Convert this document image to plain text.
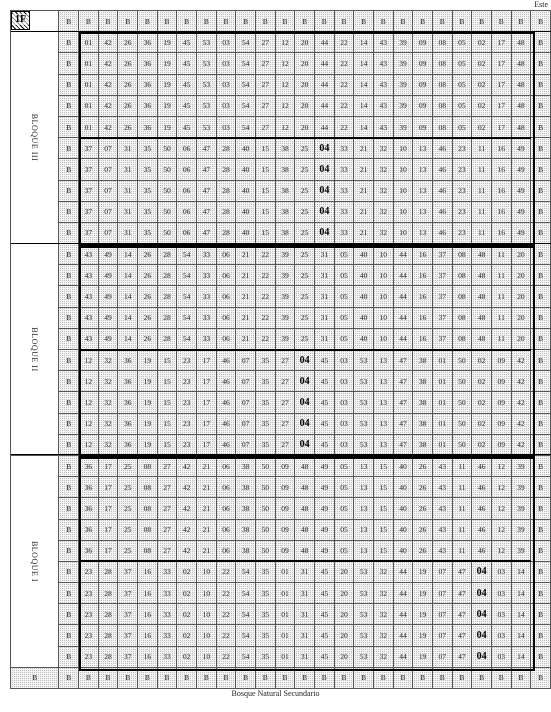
Este
	B	B	B	B	B	B	B	B	B	B	B	B	B	B	B	B	B	B	B	B	B	B	B	B	B

BLOQUE III	B	01	42	26	36	19	45	53	03	54	27	12	20	44	22	14	43	39	09	08	05	02	17	48	B
	B	01	42	26	36	19	45	53	03	54	27	12	20	44	22	14	43	39	09	08	05	02	17	48	B
	B	01	42	26	36	19	45	53	03	54	27	12	20	44	22	14	43	39	09	08	05	02	17	48	B
	B	01	42	26	36	19	45	53	03	54	27	12	20	44	22	14	43	39	09	08	05	02	17	48	B
	B	01	42	26	36	19	45	53	03	54	27	12	20	44	22	14	43	39	09	08	05	02	17	48	B
	B	37	07	31	35	50	06	47	28	40	15	38	25	04	33	21	32	10	13	46	23	11	16	49	B
	B	37	07	31	35	50	06	47	28	40	15	38	25	04	33	21	32	10	13	46	23	11	16	49	B
	B	37	07	31	35	50	06	47	28	40	15	38	25	04	33	21	32	10	13	46	23	11	16	49	B
	B	37	07	31	35	50	06	47	28	40	15	38	25	04	33	21	32	10	13	46	23	11	16	49	B
	B	37	07	31	35	50	06	47	28	40	15	38	25	04	33	21	32	10	13	46	23	11	16	49	B

BLOQUE II	B	43	49	14	26	28	54	33	06	21	22	39	25	31	05	40	10	44	16	37	08	48	11	20	B
	B	43	49	14	26	28	54	33	06	21	22	39	25	31	05	40	10	44	16	37	08	48	11	20	B
	B	43	49	14	26	28	54	33	06	21	22	39	25	31	05	40	10	44	16	37	08	48	11	20	B
	B	43	49	14	26	28	54	33	06	21	22	39	25	31	05	40	10	44	16	37	08	48	11	20	B
	B	43	49	14	26	28	54	33	06	21	22	39	25	31	05	40	10	44	16	37	08	48	11	20	B
	B	12	32	36	19	15	23	17	46	07	35	27	04	45	03	53	13	47	38	01	50	02	09	42	B
	B	12	32	36	19	15	23	17	46	07	35	27	04	45	03	53	13	47	38	01	50	02	09	42	B
	B	12	32	36	19	15	23	17	46	07	35	27	04	45	03	53	13	47	38	01	50	02	09	42	B
	B	12	32	36	19	15	23	17	46	07	35	27	04	45	03	53	13	47	38	01	50	02	09	42	B
	B	12	32	36	19	15	23	17	46	07	35	27	04	45	03	53	13	47	38	01	50	02	09	42	B

BLOQUE I	B	36	17	25	08	27	42	21	06	38	50	09	48	49	05	13	15	40	26	43	11	46	12	39	B
	B	36	17	25	08	27	42	21	06	38	50	09	48	49	05	13	15	40	26	43	11	46	12	39	B
	B	36	17	25	08	27	42	21	06	38	50	09	48	49	05	13	15	40	26	43	11	46	12	39	B
	B	36	17	25	08	27	42	21	06	38	50	09	48	49	05	13	15	40	26	43	11	46	12	39	B
	B	36	17	25	08	27	42	21	06	38	50	09	48	49	05	13	15	40	26	43	11	46	12	39	B
	B	23	28	37	16	33	02	10	22	54	35	01	31	45	20	53	32	44	19	07	47	04	03	14	B
	B	23	28	37	16	33	02	10	22	54	35	01	31	45	20	53	32	44	19	07	47	04	03	14	B
	B	23	28	37	16	33	02	10	22	54	35	01	31	45	20	53	32	44	19	07	47	04	03	14	B
	B	23	28	37	16	33	02	10	22	54	35	01	31	45	20	53	32	44	19	07	47	04	03	14	B
	B	23	28	37	16	33	02	10	22	54	35	01	31	45	20	53	32	44	19	07	47	04	03	14	B
B	B	B	B	B	B	B	B	B	B	B	B	B	B	B	B	B	B	B	B	B	B	B	B	B	B
1F
Bosque Natural Secundario
